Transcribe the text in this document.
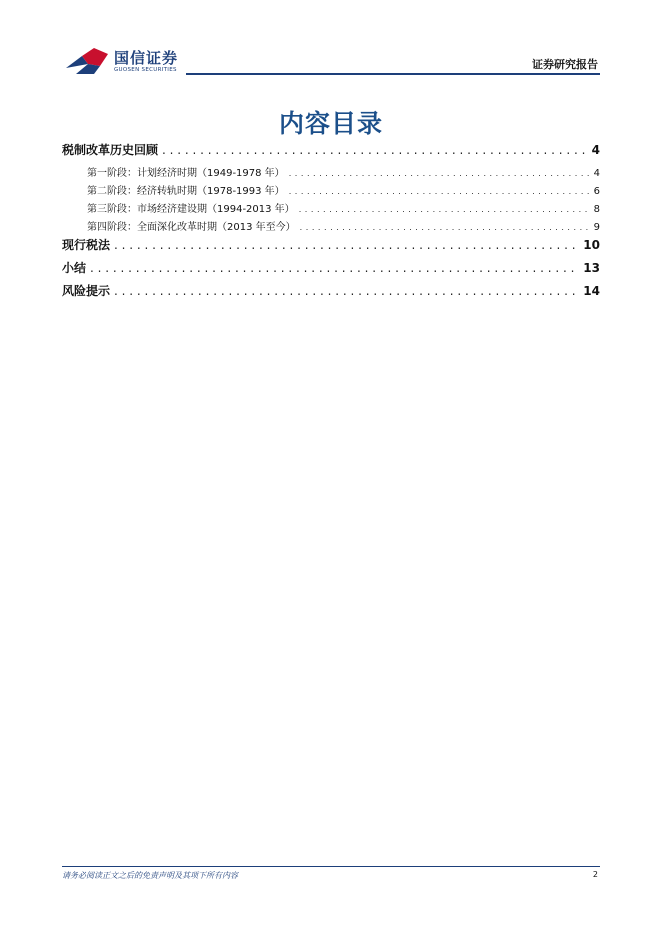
国信证券
GUOSEN SECURITIES	证券研究报告
内容目录
税制改革历史回顾 . . .	4
第一阶段：计划经济时期（1949-1978 年） . . .	4
第二阶段：经济转轨时期（1978-1993 年） . . .	6
第三阶段：市场经济建设期（1994-2013 年） . . .	8
第四阶段：全面深化改革时期（2013 年至今） . . .	9
现行税法 . . .	10
小结 . . .	13
风险提示 . . .	14
请务必阅读正文之后的免责声明及其项下所有内容	2
